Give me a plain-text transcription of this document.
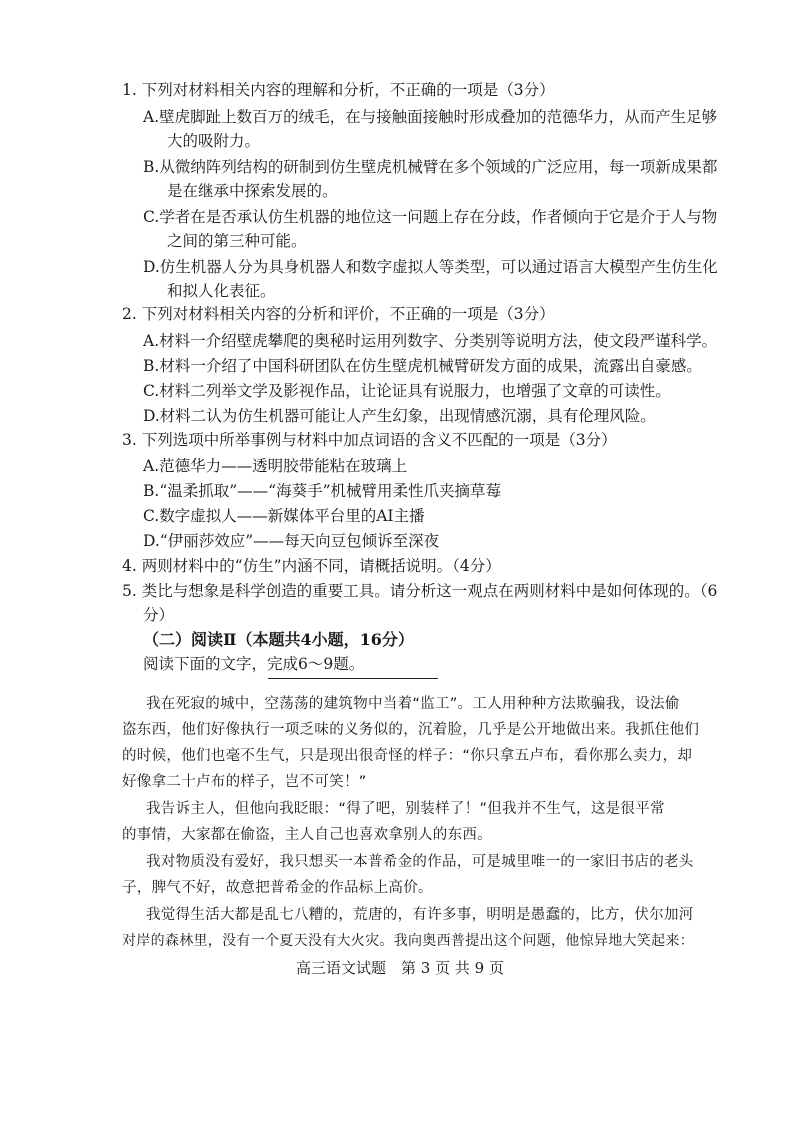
1. 下列对材料相关内容的理解和分析，不正确的一项是（3分）
A.壁虎脚趾上数百万的绒毛，在与接触面接触时形成叠加的范德华力，从而产生足够
大的吸附力。
B.从微纳阵列结构的研制到仿生壁虎机械臂在多个领域的广泛应用，每一项新成果都
是在继承中探索发展的。
C.学者在是否承认仿生机器的地位这一问题上存在分歧，作者倾向于它是介于人与物
之间的第三种可能。
D.仿生机器人分为具身机器人和数字虚拟人等类型，可以通过语言大模型产生仿生化
和拟人化表征。
2. 下列对材料相关内容的分析和评价，不正确的一项是（3分）
A.材料一介绍壁虎攀爬的奥秘时运用列数字、分类别等说明方法，使文段严谨科学。
B.材料一介绍了中国科研团队在仿生壁虎机械臂研发方面的成果，流露出自豪感。
C.材料二列举文学及影视作品，让论证具有说服力，也增强了文章的可读性。
D.材料二认为仿生机器可能让人产生幻象，出现情感沉溺，具有伦理风险。
3. 下列选项中所举事例与材料中加点词语的含义不匹配的一项是（3分）
A.范德华力——透明胶带能粘在玻璃上
B.“温柔抓取”——“海葵手”机械臂用柔性爪夹摘草莓
C.数字虚拟人——新媒体平台里的AI主播
D.“伊丽莎效应”——每天向豆包倾诉至深夜
4. 两则材料中的“仿生”内涵不同，请概括说明。（4分）
5. 类比与想象是科学创造的重要工具。请分析这一观点在两则材料中是如何体现的。（6
分）
（二）阅读Ⅱ（本题共4小题，16分）
阅读下面的文字，完成6～9题。
我在死寂的城中，空荡荡的建筑物中当着“监工”。工人用种种方法欺骗我，设法偷
盗东西，他们好像执行一项乏味的义务似的，沉着脸，几乎是公开地做出来。我抓住他们
的时候，他们也毫不生气，只是现出很奇怪的样子：“你只拿五卢布，看你那么卖力，却
好像拿二十卢布的样子，岂不可笑！”
我告诉主人，但他向我眨眼：“得了吧，别装样了！”但我并不生气，这是很平常
的事情，大家都在偷盗，主人自己也喜欢拿别人的东西。
我对物质没有爱好，我只想买一本普希金的作品，可是城里唯一的一家旧书店的老头
子，脾气不好，故意把普希金的作品标上高价。
我觉得生活大都是乱七八糟的，荒唐的，有许多事，明明是愚蠢的，比方，伏尔加河
对岸的森林里，没有一个夏天没有大火灾。我向奥西普提出这个问题，他惊异地大笑起来：
高三语文试题　第 3 页 共 9 页
